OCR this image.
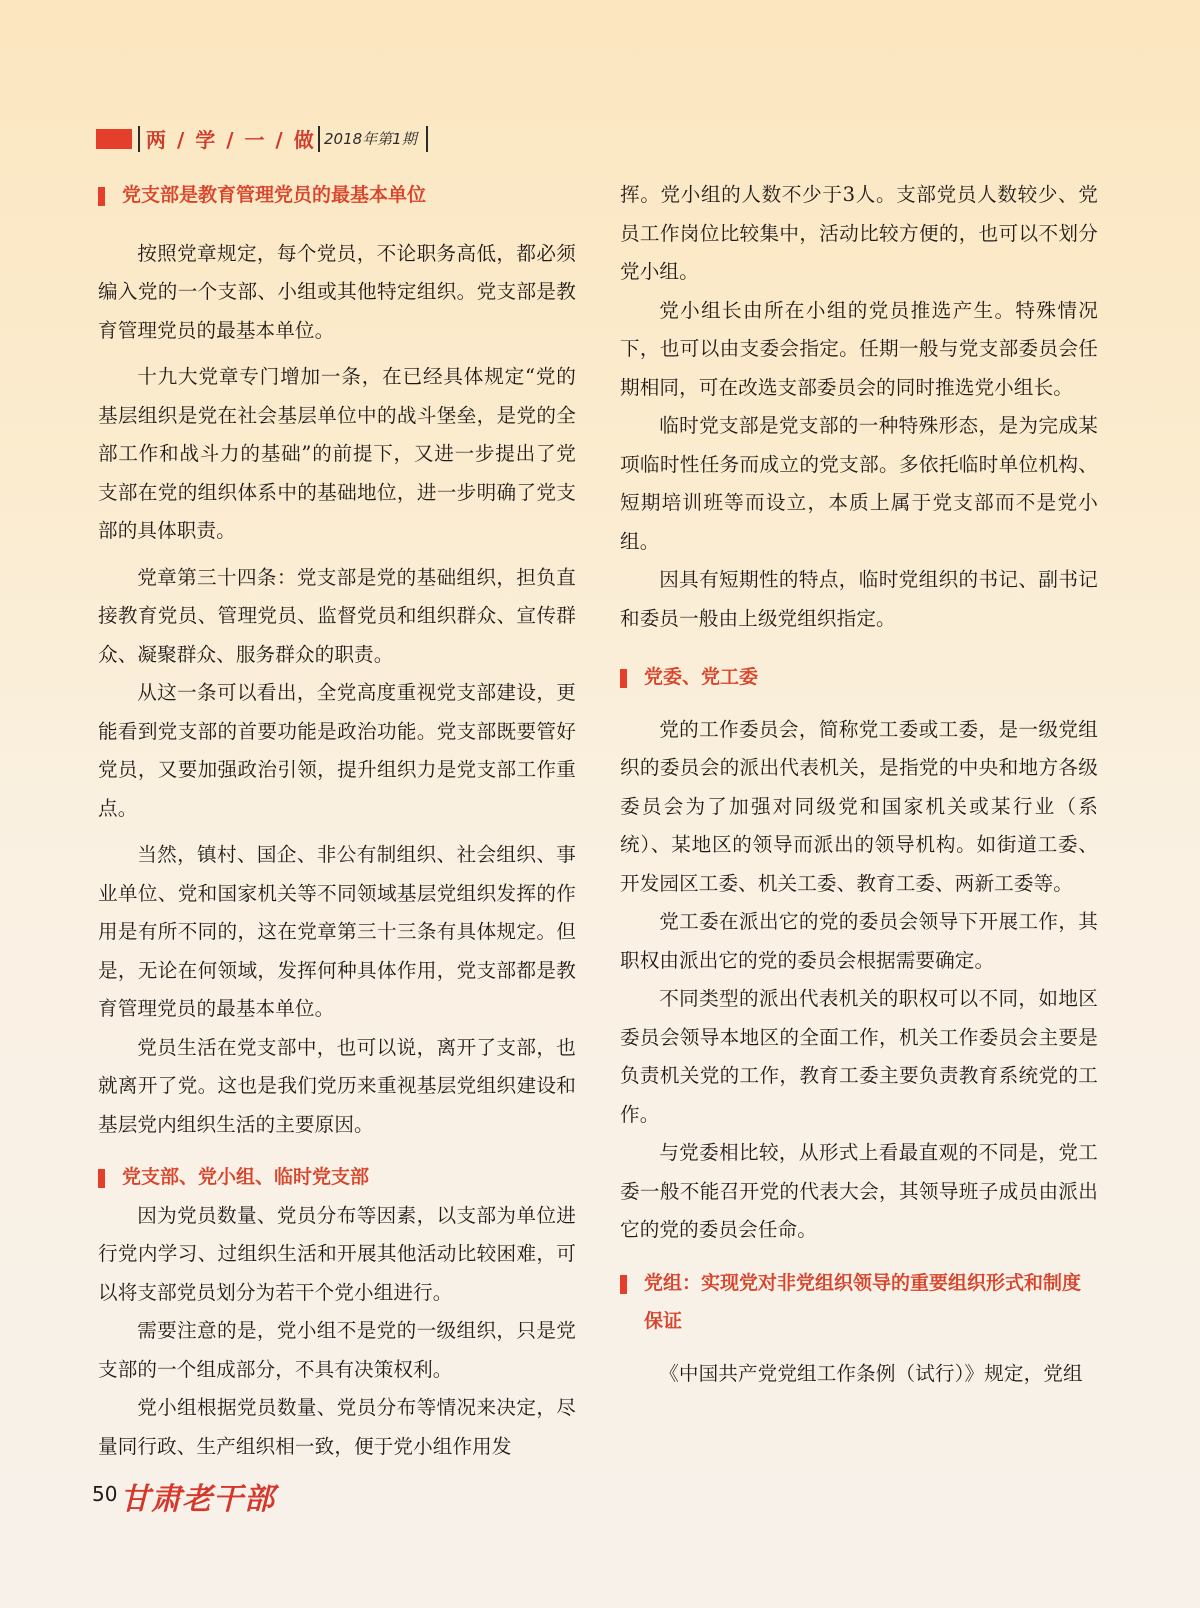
两 / 学 / 一 / 做 2018年第1期
党支部是教育管理党员的最基本单位

按照党章规定，每个党员，不论职务高低，都必须编入党的一个支部、小组或其他特定组织。党支部是教育管理党员的最基本单位。

十九大党章专门增加一条，在已经具体规定“党的基层组织是党在社会基层单位中的战斗堡垒，是党的全部工作和战斗力的基础”的前提下，又进一步提出了党支部在党的组织体系中的基础地位，进一步明确了党支部的具体职责。

党章第三十四条：党支部是党的基础组织，担负直接教育党员、管理党员、监督党员和组织群众、宣传群众、凝聚群众、服务群众的职责。

从这一条可以看出，全党高度重视党支部建设，更能看到党支部的首要功能是政治功能。党支部既要管好党员，又要加强政治引领，提升组织力是党支部工作重点。

当然，镇村、国企、非公有制组织、社会组织、事业单位、党和国家机关等不同领域基层党组织发挥的作用是有所不同的，这在党章第三十三条有具体规定。但是，无论在何领域，发挥何种具体作用，党支部都是教育管理党员的最基本单位。

党员生活在党支部中，也可以说，离开了支部，也就离开了党。这也是我们党历来重视基层党组织建设和基层党内组织生活的主要原因。

党支部、党小组、临时党支部

因为党员数量、党员分布等因素，以支部为单位进行党内学习、过组织生活和开展其他活动比较困难，可以将支部党员划分为若干个党小组进行。

需要注意的是，党小组不是党的一级组织，只是党支部的一个组成部分，不具有决策权利。

党小组根据党员数量、党员分布等情况来决定，尽量同行政、生产组织相一致，便于党小组作用发

挥。党小组的人数不少于3人。支部党员人数较少、党员工作岗位比较集中，活动比较方便的，也可以不划分党小组。

党小组长由所在小组的党员推选产生。特殊情况下，也可以由支委会指定。任期一般与党支部委员会任期相同，可在改选支部委员会的同时推选党小组长。

临时党支部是党支部的一种特殊形态，是为完成某项临时性任务而成立的党支部。多依托临时单位机构、短期培训班等而设立，本质上属于党支部而不是党小组。

因具有短期性的特点，临时党组织的书记、副书记和委员一般由上级党组织指定。

党委、党工委

党的工作委员会，简称党工委或工委，是一级党组织的委员会的派出代表机关，是指党的中央和地方各级委员会为了加强对同级党和国家机关或某行业（系统）、某地区的领导而派出的领导机构。如街道工委、开发园区工委、机关工委、教育工委、两新工委等。

党工委在派出它的党的委员会领导下开展工作，其职权由派出它的党的委员会根据需要确定。

不同类型的派出代表机关的职权可以不同，如地区委员会领导本地区的全面工作，机关工作委员会主要是负责机关党的工作，教育工委主要负责教育系统党的工作。

与党委相比较，从形式上看最直观的不同是，党工委一般不能召开党的代表大会，其领导班子成员由派出它的党的委员会任命。

党组：实现党对非党组织领导的重要组织形式和制度保证

《中国共产党党组工作条例（试行）》规定，党组

50 甘肃老干部
